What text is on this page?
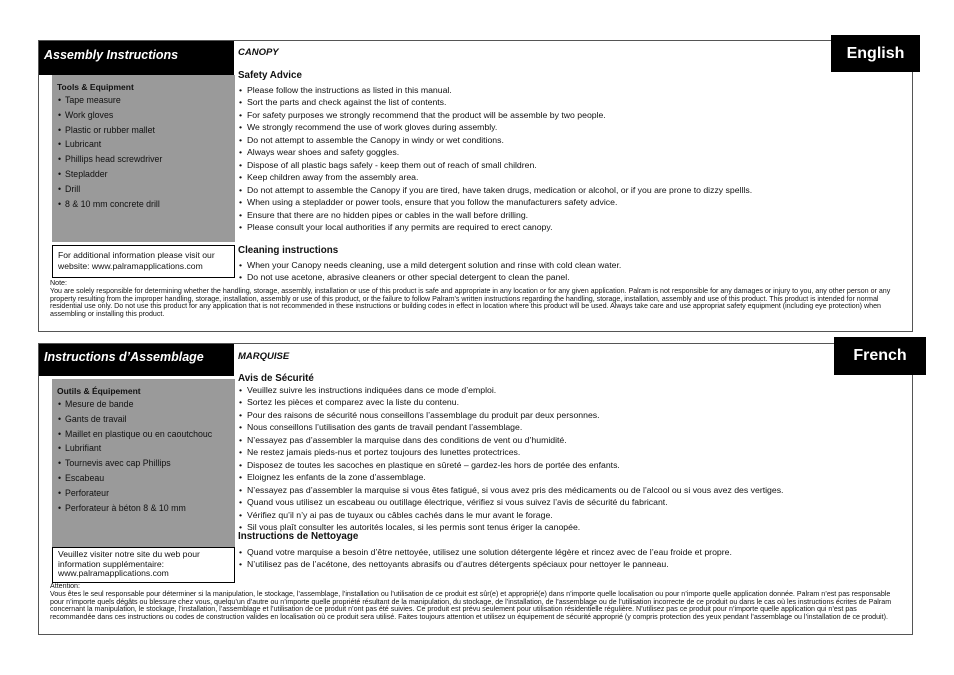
Assembly Instructions	CANOPY
Tools & Equipment
• Tape measure
• Work gloves
• Plastic or rubber mallet
• Lubricant
• Phillips head screwdriver
• Stepladder
• Drill
• 8 & 10 mm concrete drill
For additional information please visit our website: www.palramapplications.com
Safety Advice
• Please follow the instructions as listed in this manual.
• Sort the parts and check against the list of contents.
• For safety purposes we strongly recommend that the product will be assemble by two people.
• We strongly recommend the use of work gloves during assembly.
• Do not attempt to assemble the Canopy in windy or wet conditions.
• Always wear shoes and safety goggles.
• Dispose of all plastic bags safely - keep them out of reach of small children.
• Keep children away from the assembly area.
• Do not attempt to assemble the Canopy if you are tired, have taken drugs, medication or alcohol, or if you are prone to dizzy spellls.
• When using a stepladder or power tools, ensure that you follow the manufacturers safety advice.
• Ensure that there are no hidden pipes or cables in the wall before drilling.
• Please consult your local authorities if any permits are required to erect canopy.
Cleaning instructions
• When your Canopy needs cleaning, use a mild detergent solution and rinse with cold clean water.
• Do not use acetone, abrasive cleaners or other special detergent to clean the panel.
Note:
You are solely responsible for determining whether the handling, storage, assembly, installation or use of this product is safe and appropriate in any location or for any given application. Palram is not responsible for any damages or injury to you, any other person or any property resulting from the improper handling, storage, installation, assembly or use of this product, or the failure to follow Palram's written instructions regarding the handling, storage, installation, assembly and use of this product. This product is intended for normal residential use only. Do not use this product for any application that is not recommended in these instructions or building codes in effect in location where this product will be used. Always take care and use appropriat safety equipment (including eye protection) when assembling or installing this product.
English
Instructions d’Assemblage	MARQUISE
Outils & Équipement
• Mesure de bande
• Gants de travail
• Maillet en plastique ou en caoutchouc
• Lubrifiant
• Tournevis avec cap Phillips
• Escabeau
• Perforateur
• Perforateur à béton 8 & 10 mm
Veuillez visiter notre site du web pour information supplémentaire: www.palramapplications.com
Avis de Sécurité
• Veuillez suivre les instructions indiquées dans ce mode d’emploi.
• Sortez les pièces et comparez avec la liste du contenu.
• Pour des raisons de sécurité nous conseillons l’assemblage du produit par deux personnes.
• Nous conseillons l’utilisation des gants de travail pendant l’assemblage.
• N’essayez pas d’assembler la marquise dans des conditions de vent ou d’humidité.
• Ne restez jamais pieds-nus et portez toujours des lunettes protectrices.
• Disposez de toutes les sacoches en plastique en sûreté – gardez-les hors de portée des enfants.
• Eloignez les enfants de la zone d’assemblage.
• N’essayez pas d’assembler la marquise si vous êtes fatigué, si vous avez pris des médicaments ou de l’alcool ou si vous avez des vertiges.
• Quand vous utilisez un escabeau ou outillage électrique, vérifiez si vous suivez l’avis de sécurité du fabricant.
• Vérifiez qu’il n’y ai pas de tuyaux ou câbles cachés dans le mur avant le forage.
• Sil vous plaît consulter les autorités locales, si les permis sont tenus ériger la canopée.
Instructions de Nettoyage
• Quand votre marquise a besoin d’être nettoyée, utilisez une solution détergente légère et rincez avec de l’eau froide et propre.
• N’utilisez pas de l’acétone, des nettoyants abrasifs ou d’autres détergents spéciaux pour nettoyer le panneau.
Attention:
Vous êtes le seul responsable pour déterminer si la manipulation, le stockage, l’assemblage, l’installation ou l’utilisation de ce produit est sûr(e) et approprié(e) dans n’importe quelle localisation ou pour n’importe quelle application donnée. Palram n’est pas responsable pour n’importe quels dégâts ou blessure chez vous, quelqu’un d’autre ou n’importe quelle propriété résultant de la manipulation, du stockage, de l’installation, de l’assemblage ou de l’utilisation incorrecte de ce produit ou dans le cas où les instructions écrites de Palram concernant la manipulation, le stockage, l’installation, l’assemblage et l’utilisation de ce produit n’ont pas été suivies. Ce produit est prévu seulement pour utilisation résidentielle régulière. N’utilisez pas ce produit pour n’importe quelle application qui n’est pas recommandée dans ces instructions ou codes de construction valides en localisation où ce produit sera utilisé. Faites toujours attention et utilisez un équipement de sécurité approprié (y compris protection des yeux pendant l’assemblage ou l’installation de ce produit).
French
